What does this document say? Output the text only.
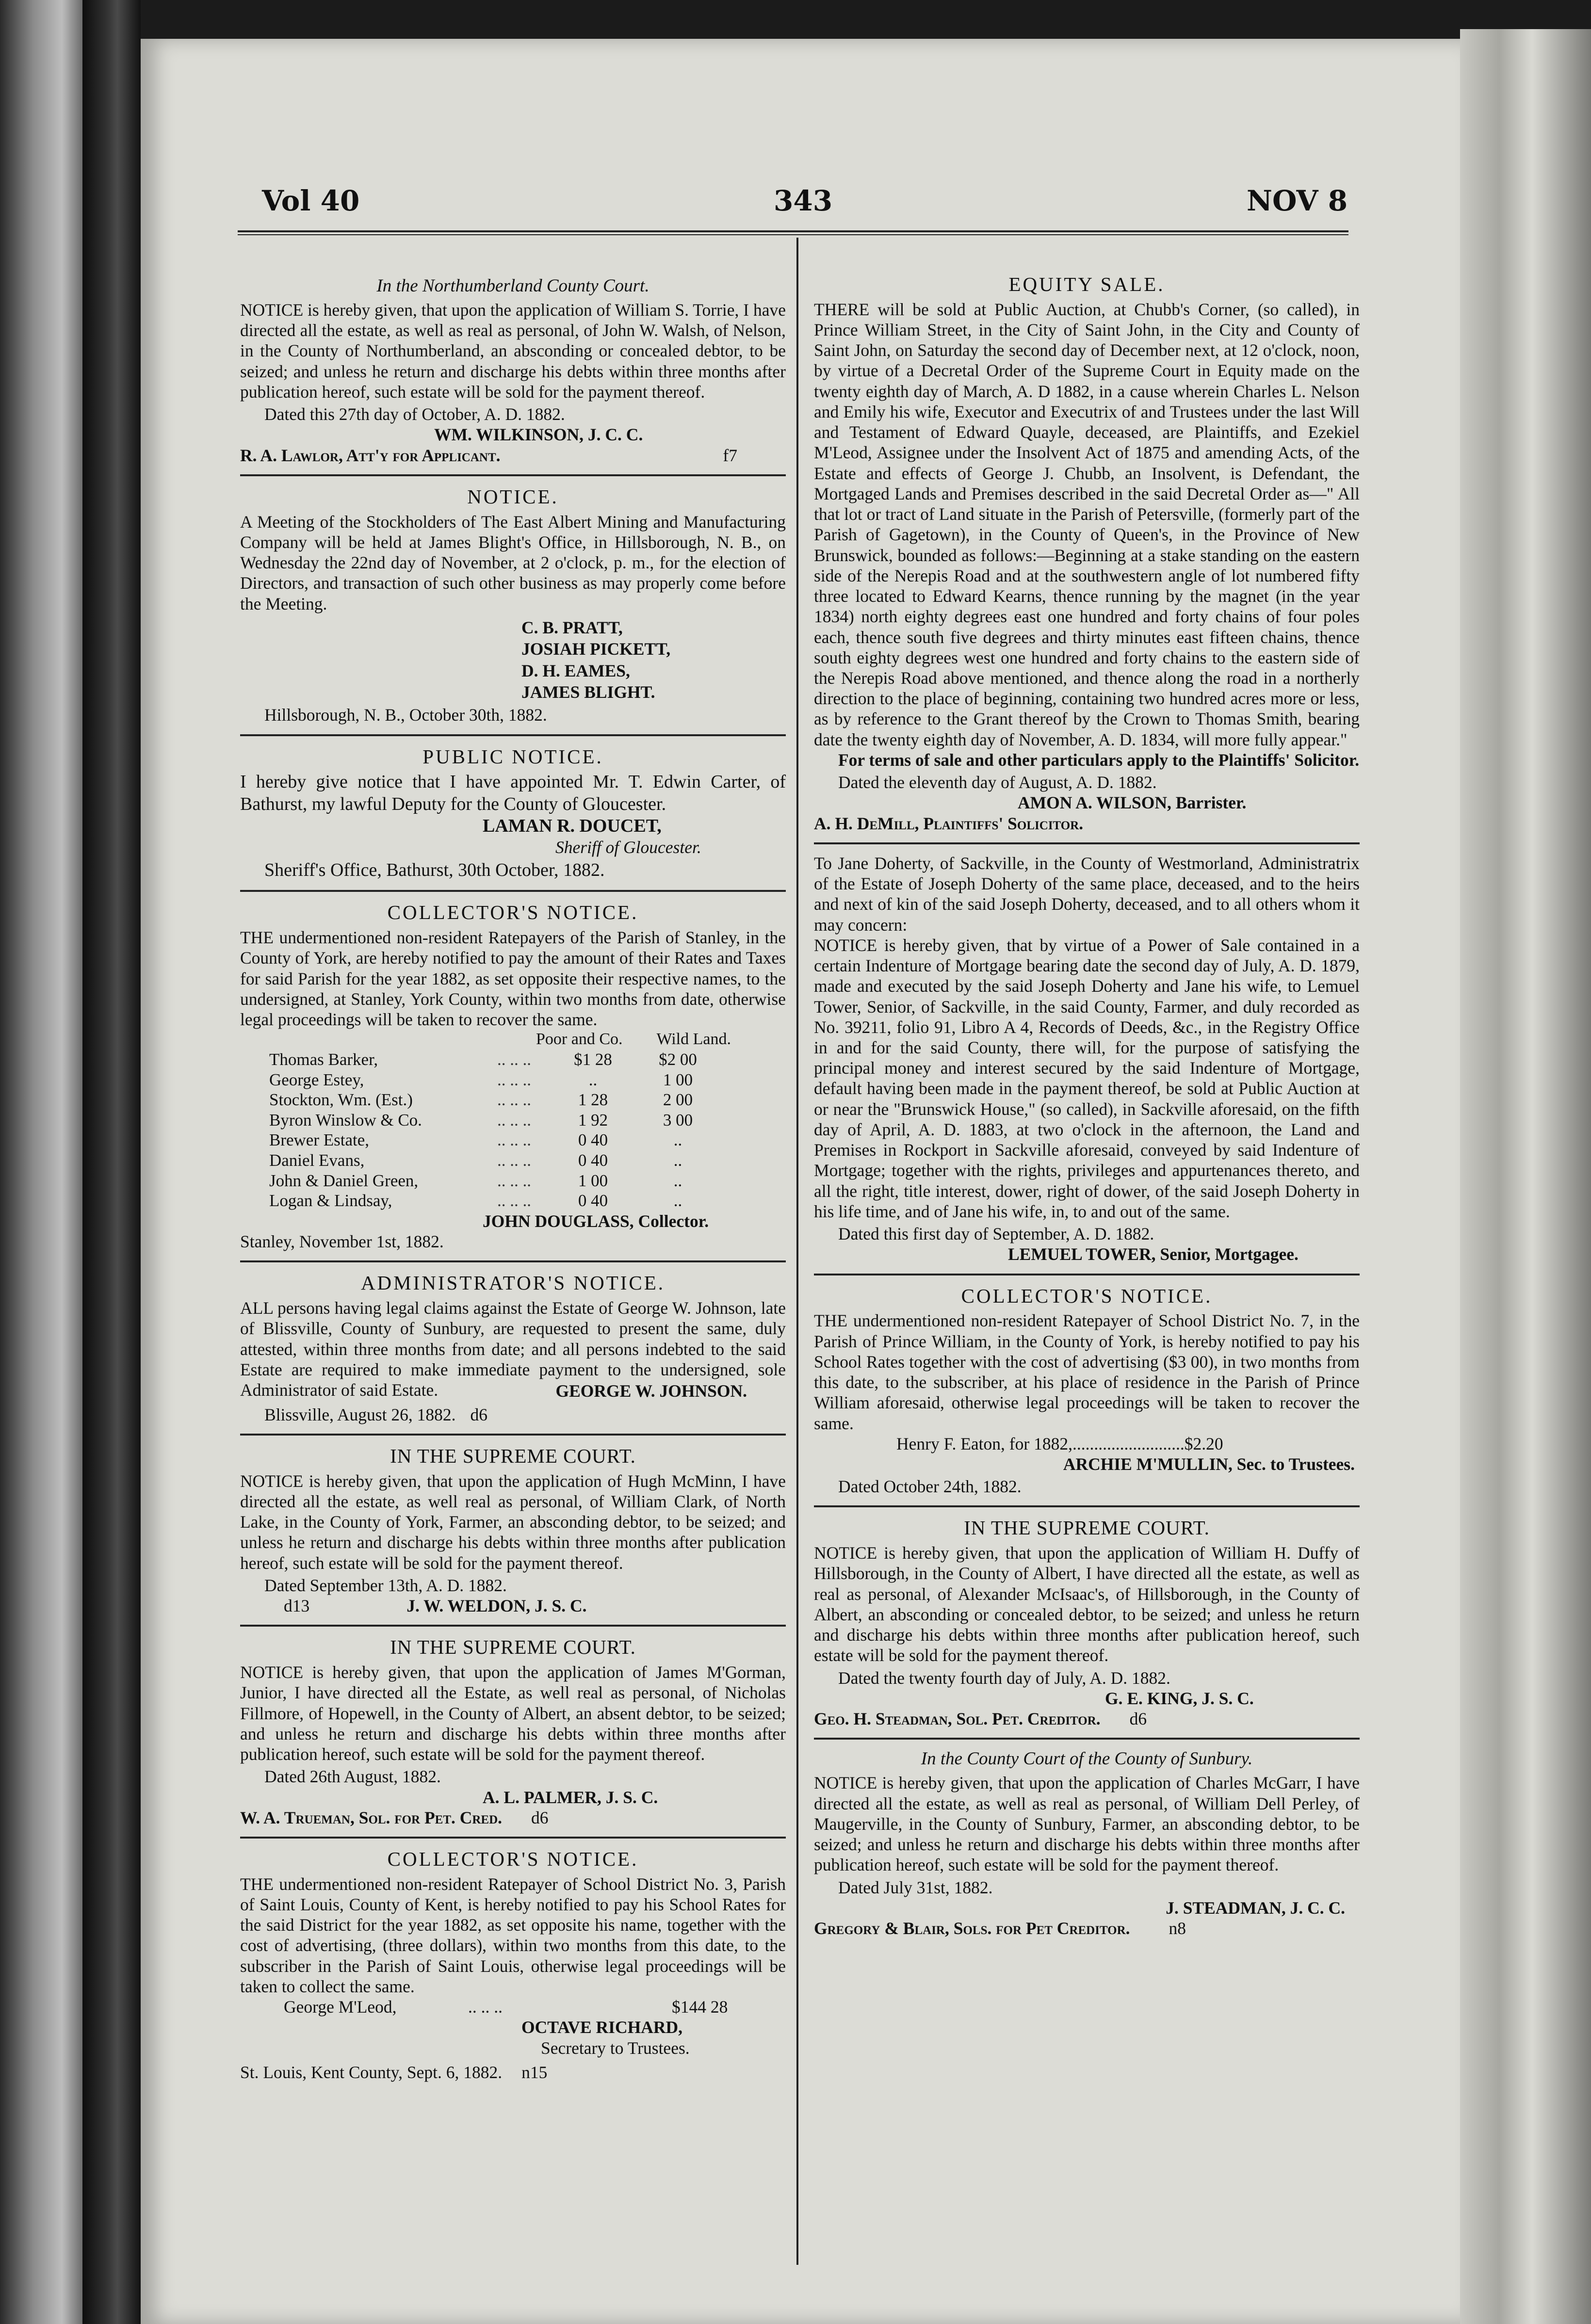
Vol 40	343	NOV 8
In the Northumberland County Court.

NOTICE is hereby given, that upon the application of William S. Torrie, I have directed all the estate, as well as real as personal, of John W. Walsh, of Nelson, in the County of Northumberland, an absconding or concealed debtor, to be seized; and unless he return and discharge his debts within three months after publication hereof, such estate will be sold for the payment thereof.

Dated this 27th day of October, A. D. 1882.

WM. WILKINSON, J. C. C.

R. A. Lawlor, Att'y for Applicant.	f7
NOTICE.

A Meeting of the Stockholders of The East Albert Mining and Manufacturing Company will be held at James Blight's Office, in Hillsborough, N. B., on Wednesday the 22nd day of November, at 2 o'clock, p. m., for the election of Directors, and transaction of such other business as may properly come before the Meeting.

C. B. PRATT,
JOSIAH PICKETT,
D. H. EAMES,
JAMES BLIGHT.

Hillsborough, N. B., October 30th, 1882.

PUBLIC NOTICE.

I hereby give notice that I have appointed Mr. T. Edwin Carter, of Bathurst, my lawful Deputy for the County of Gloucester.

LAMAN R. DOUCET,

Sheriff of Gloucester.

Sheriff's Office, Bathurst, 30th October, 1882.

COLLECTOR'S NOTICE.

THE undermentioned non-resident Ratepayers of the Parish of Stanley, in the County of York, are hereby notified to pay the amount of their Rates and Taxes for said Parish for the year 1882, as set opposite their respective names, to the undersigned, at Stanley, York County, within two months from date, otherwise legal proceedings will be taken to recover the same.

Poor and Co. Wild Land.
Thomas Barker,	.. .. ..	$1 28	$2 00
George Estey,	.. .. ..	..	1 00
Stockton, Wm. (Est.)	.. .. ..	1 28	2 00
Byron Winslow & Co.	.. .. ..	1 92	3 00
Brewer Estate,	.. .. ..	0 40	..
Daniel Evans,	.. .. ..	0 40	..
John & Daniel Green,	.. .. ..	1 00	..
Logan & Lindsay,	.. .. ..	0 40	..

JOHN DOUGLASS, Collector.

Stanley, November 1st, 1882.

ADMINISTRATOR'S NOTICE.

ALL persons having legal claims against the Estate of George W. Johnson, late of Blissville, County of Sunbury, are requested to present the same, duly attested, within three months from date; and all persons indebted to the said Estate are required to make immediate payment to the undersigned, sole Administrator of said Estate.	GEORGE W. JOHNSON.

Blissville, August 26, 1882. d6
IN THE SUPREME COURT.

NOTICE is hereby given, that upon the application of Hugh McMinn, I have directed all the estate, as well real as personal, of William Clark, of North Lake, in the County of York, Farmer, an absconding debtor, to be seized; and unless he return and discharge his debts within three months after publication hereof, such estate will be sold for the payment thereof.

Dated September 13th, A. D. 1882.

d13	J. W. WELDON, J. S. C.
IN THE SUPREME COURT.

NOTICE is hereby given, that upon the application of James M'Gorman, Junior, I have directed all the Estate, as well real as personal, of Nicholas Fillmore, of Hopewell, in the County of Albert, an absent debtor, to be seized; and unless he return and discharge his debts within three months after publication hereof, such estate will be sold for the payment thereof.

Dated 26th August, 1882.

A. L. PALMER, J. S. C.

W. A. Trueman, Sol. for Pet. Cred. d6
COLLECTOR'S NOTICE.

THE undermentioned non-resident Ratepayer of School District No. 3, Parish of Saint Louis, County of Kent, is hereby notified to pay his School Rates for the said District for the year 1882, as set opposite his name, together with the cost of advertising, (three dollars), within two months from this date, to the subscriber in the Parish of Saint Louis, otherwise legal proceedings will be taken to collect the same.

George M'Leod,	.. .. ..	$144 28

OCTAVE RICHARD,

Secretary to Trustees.

St. Louis, Kent County, Sept. 6, 1882. n15
EQUITY SALE.

THERE will be sold at Public Auction, at Chubb's Corner, (so called), in Prince William Street, in the City of Saint John, in the City and County of Saint John, on Saturday the second day of December next, at 12 o'clock, noon, by virtue of a Decretal Order of the Supreme Court in Equity made on the twenty eighth day of March, A. D 1882, in a cause wherein Charles L. Nelson and Emily his wife, Executor and Executrix of and Trustees under the last Will and Testament of Edward Quayle, deceased, are Plaintiffs, and Ezekiel M'Leod, Assignee under the Insolvent Act of 1875 and amending Acts, of the Estate and effects of George J. Chubb, an Insolvent, is Defendant, the Mortgaged Lands and Premises described in the said Decretal Order as—" All that lot or tract of Land situate in the Parish of Petersville, (formerly part of the Parish of Gagetown), in the County of Queen's, in the Province of New Brunswick, bounded as follows:—Beginning at a stake standing on the eastern side of the Nerepis Road and at the southwestern angle of lot numbered fifty three located to Edward Kearns, thence running by the magnet (in the year 1834) north eighty degrees east one hundred and forty chains of four poles each, thence south five degrees and thirty minutes east fifteen chains, thence south eighty degrees west one hundred and forty chains to the eastern side of the Nerepis Road above mentioned, and thence along the road in a northerly direction to the place of beginning, containing two hundred acres more or less, as by reference to the Grant thereof by the Crown to Thomas Smith, bearing date the twenty eighth day of November, A. D. 1834, will more fully appear."

For terms of sale and other particulars apply to the Plaintiffs' Solicitor.

Dated the eleventh day of August, A. D. 1882.

AMON A. WILSON, Barrister.

A. H. DeMill, Plaintiffs' Solicitor.

To Jane Doherty, of Sackville, in the County of Westmorland, Administratrix of the Estate of Joseph Doherty of the same place, deceased, and to the heirs and next of kin of the said Joseph Doherty, deceased, and to all others whom it may concern:

NOTICE is hereby given, that by virtue of a Power of Sale contained in a certain Indenture of Mortgage bearing date the second day of July, A. D. 1879, made and executed by the said Joseph Doherty and Jane his wife, to Lemuel Tower, Senior, of Sackville, in the said County, Farmer, and duly recorded as No. 39211, folio 91, Libro A 4, Records of Deeds, &c., in the Registry Office in and for the said County, there will, for the purpose of satisfying the principal money and interest secured by the said Indenture of Mortgage, default having been made in the payment thereof, be sold at Public Auction at or near the "Brunswick House," (so called), in Sackville aforesaid, on the fifth day of April, A. D. 1883, at two o'clock in the afternoon, the Land and Premises in Rockport in Sackville aforesaid, conveyed by said Indenture of Mortgage; together with the rights, privileges and appurtenances thereto, and all the right, title interest, dower, right of dower, of the said Joseph Doherty in his life time, and of Jane his wife, in, to and out of the same.

Dated this first day of September, A. D. 1882.

LEMUEL TOWER, Senior, Mortgagee.

COLLECTOR'S NOTICE.

THE undermentioned non-resident Ratepayer of School District No. 7, in the Parish of Prince William, in the County of York, is hereby notified to pay his School Rates together with the cost of advertising ($3 00), in two months from this date, to the subscriber, at his place of residence in the Parish of Prince William aforesaid, otherwise legal proceedings will be taken to recover the same.

Henry F. Eaton, for 1882, .......................... $2.20

ARCHIE M'MULLIN, Sec. to Trustees.

Dated October 24th, 1882.

IN THE SUPREME COURT.

NOTICE is hereby given, that upon the application of William H. Duffy of Hillsborough, in the County of Albert, I have directed all the estate, as well as real as personal, of Alexander McIsaac's, of Hillsborough, in the County of Albert, an absconding or concealed debtor, to be seized; and unless he return and discharge his debts within three months after publication hereof, such estate will be sold for the payment thereof.

Dated the twenty fourth day of July, A. D. 1882.

G. E. KING, J. S. C.

Geo. H. Steadman, Sol. Pet. Creditor. d6
In the County Court of the County of Sunbury.

NOTICE is hereby given, that upon the application of Charles McGarr, I have directed all the estate, as well as real as personal, of William Dell Perley, of Maugerville, in the County of Sunbury, Farmer, an absconding debtor, to be seized; and unless he return and discharge his debts within three months after publication hereof, such estate will be sold for the payment thereof.

Dated July 31st, 1882.

J. STEADMAN, J. C. C.

Gregory & Blair, Sols. for Pet Creditor. n8
